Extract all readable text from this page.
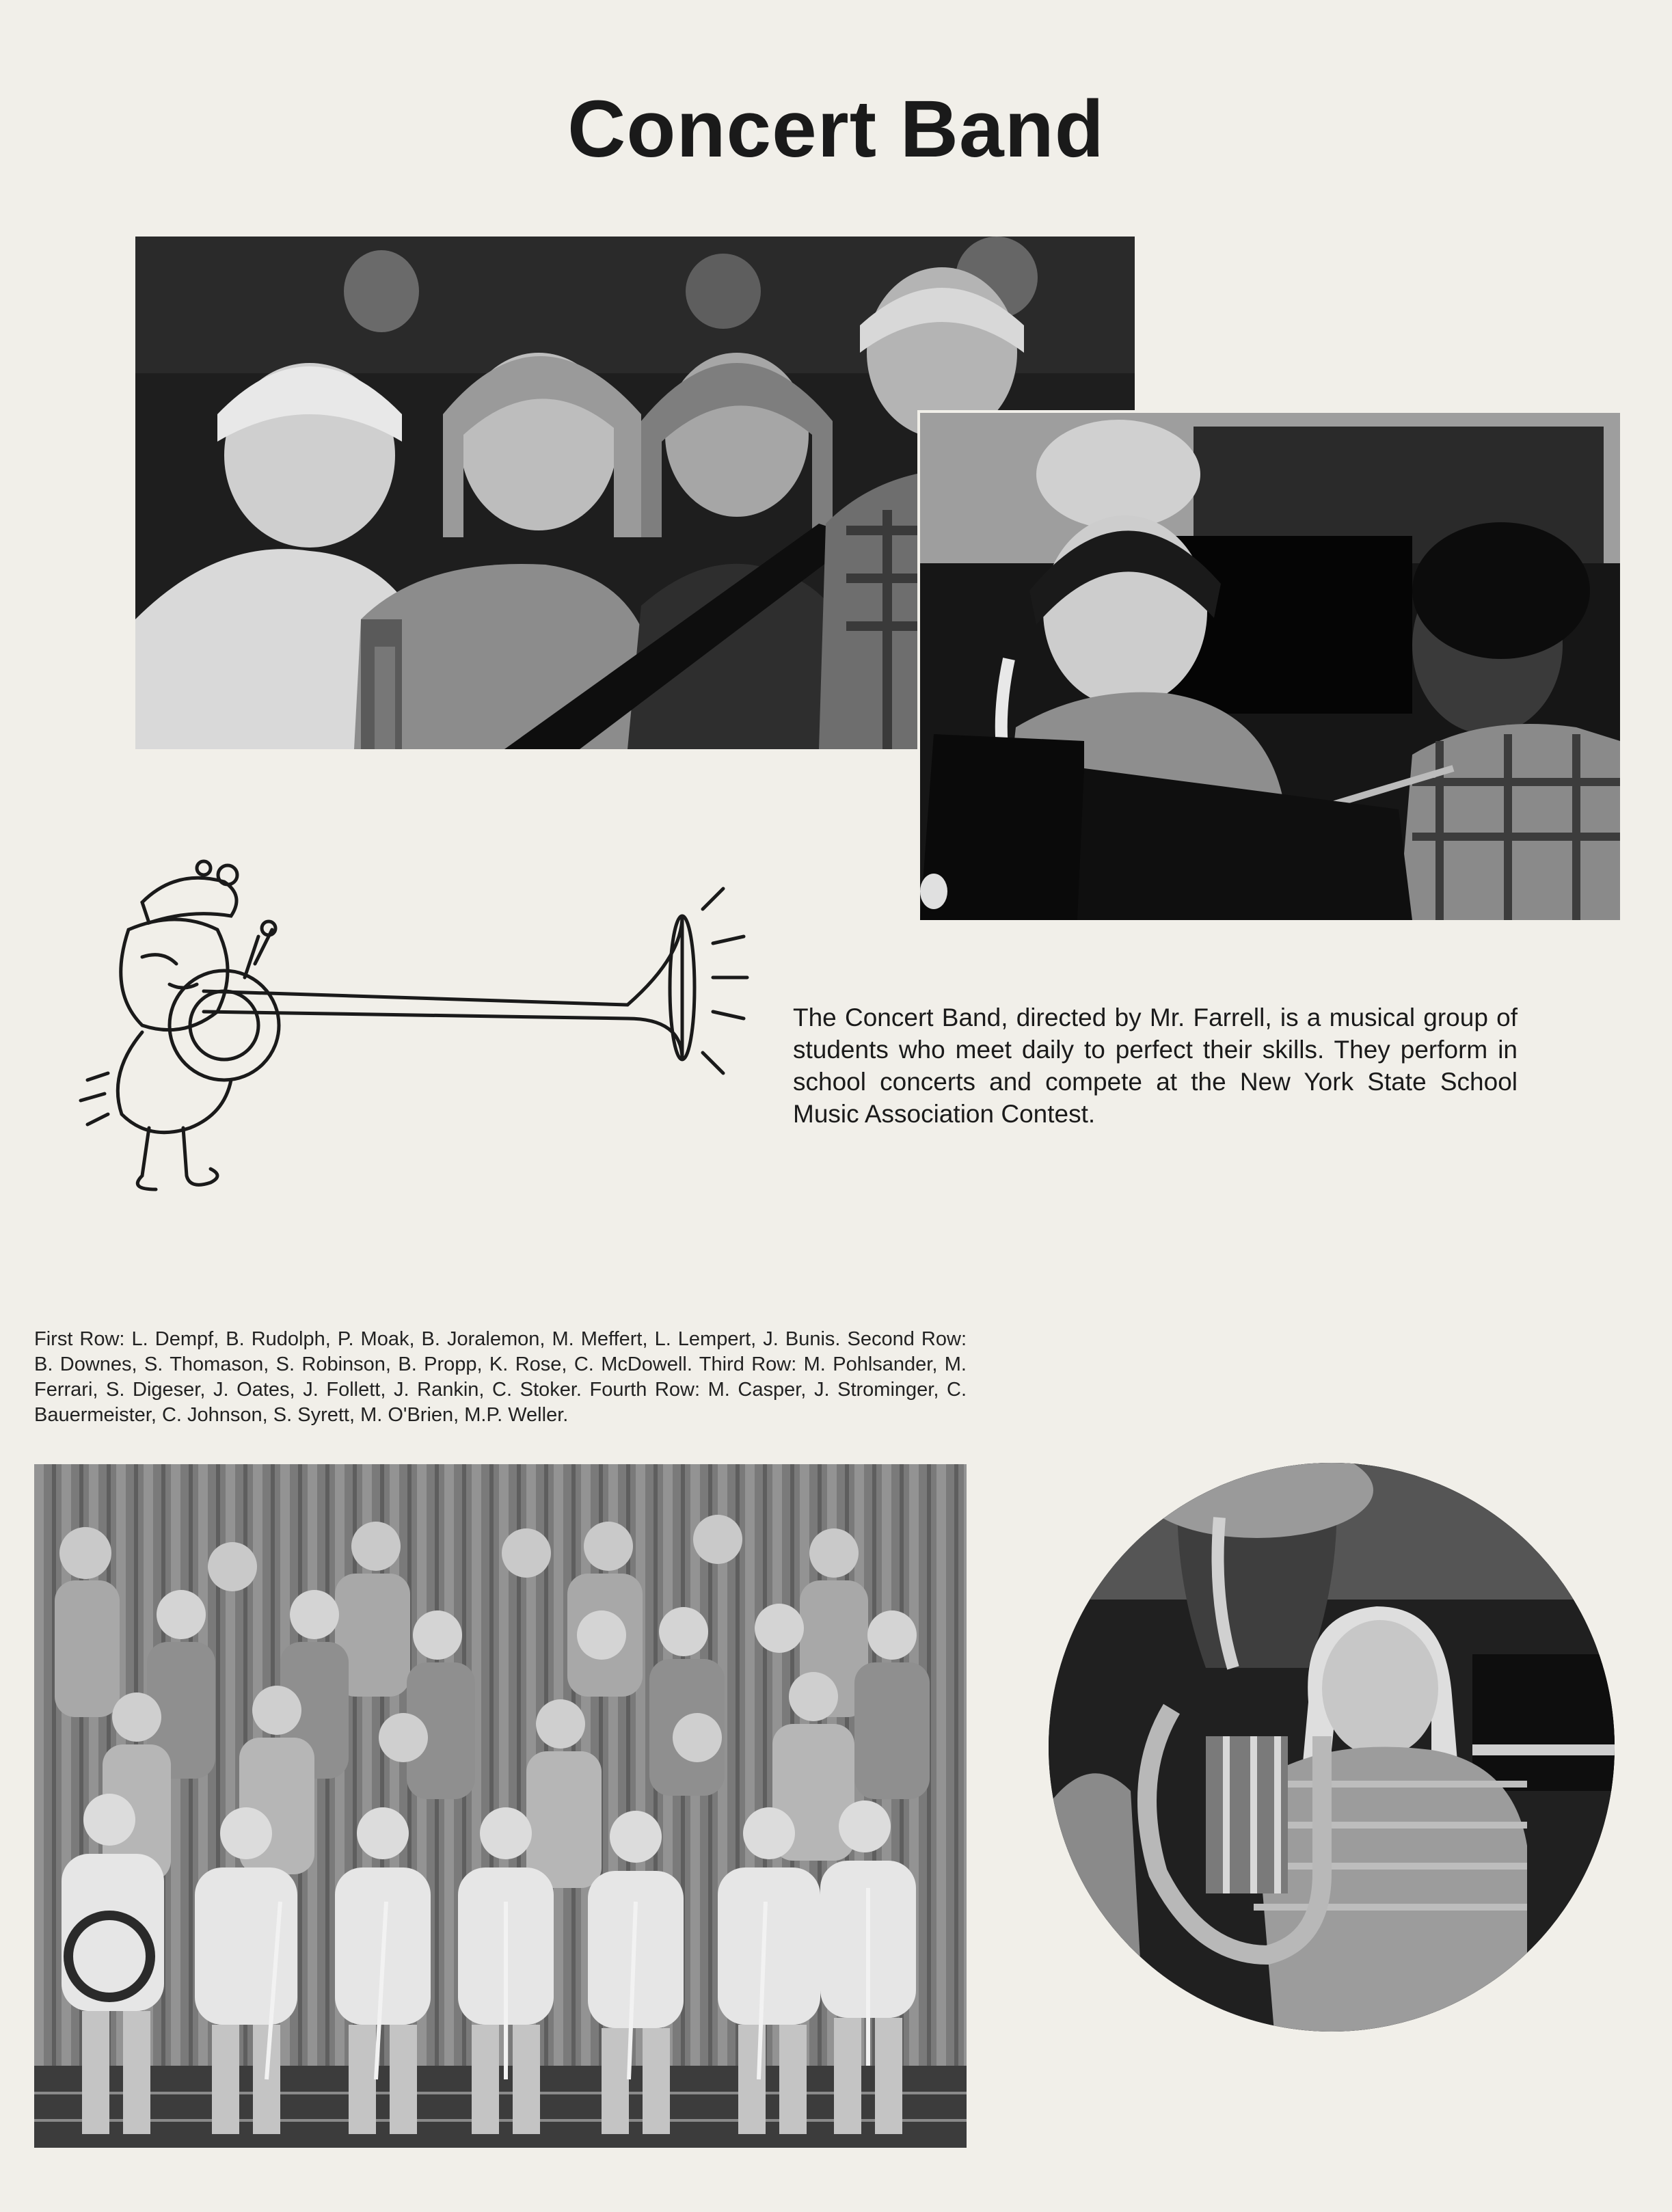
Concert Band

The Concert Band, directed by Mr. Farrell, is a musical group of students who meet daily to perfect their skills. They perform in school concerts and compete at the New York State School Music Association Contest.

First Row: L. Dempf, B. Rudolph, P. Moak, B. Joralemon, M. Meffert, L. Lempert, J. Bunis. Second Row: B. Downes, S. Thomason, S. Robinson, B. Propp, K. Rose, C. McDowell. Third Row: M. Pohlsander, M. Ferrari, S. Digeser, J. Oates, J. Follett, J. Rankin, C. Stoker. Fourth Row: M. Casper, J. Strominger, C. Bauermeister, C. Johnson, S. Syrett, M. O'Brien, M.P. Weller.
